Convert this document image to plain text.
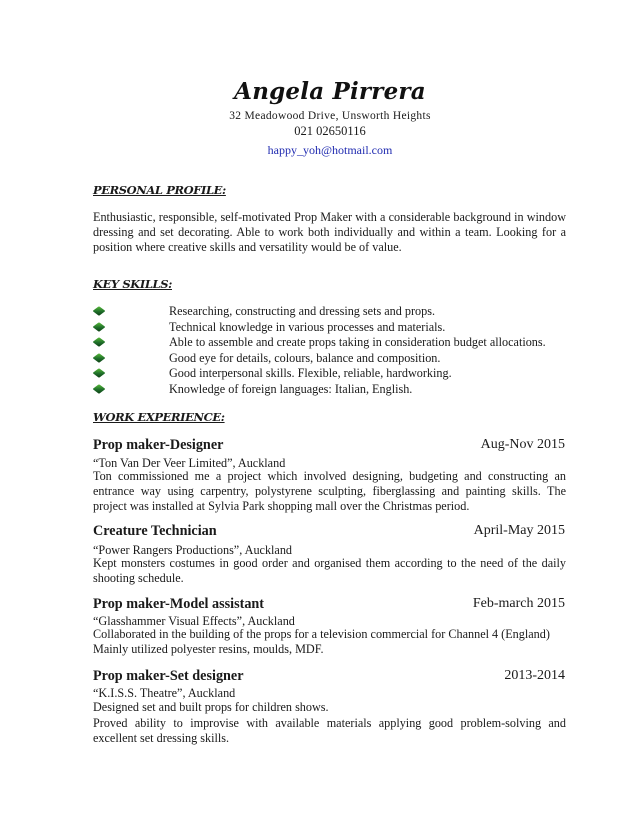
Angela Pirrera
32 Meadowood Drive, Unsworth Heights
021 02650116
happy_yoh@hotmail.com
PERSONAL PROFILE:
Enthusiastic, responsible, self-motivated Prop Maker with a considerable background in window dressing and set decorating. Able to work both individually and within a team. Looking for a position where creative skills and versatility would be of value.
KEY SKILLS:
Researching, constructing and dressing sets and props.
Technical knowledge in various processes and materials.
Able to assemble and create props taking in consideration budget allocations.
Good eye for details, colours, balance and composition.
Good interpersonal skills. Flexible, reliable, hardworking.
Knowledge of foreign languages: Italian, English.
WORK EXPERIENCE:
Prop maker-Designer	Aug-Nov 2015
“Ton Van Der Veer Limited”, Auckland
Ton commissioned me a project which involved designing, budgeting and constructing an entrance way using carpentry, polystyrene sculpting, fiberglassing and painting skills. The project was installed at Sylvia Park shopping mall over the Christmas period.
Creature Technician	April-May 2015
“Power Rangers Productions”, Auckland
Kept monsters costumes in good order and organised them according to the need of the daily shooting schedule.
Prop maker-Model assistant	Feb-march 2015
“Glasshammer Visual Effects”, Auckland
Collaborated in the building of the props for a television commercial for Channel 4 (England)
Mainly utilized polyester resins, moulds, MDF.
Prop maker-Set designer	2013-2014
“K.I.S.S. Theatre”, Auckland
Designed set and built props for children shows.
Proved ability to improvise with available materials applying good problem-solving and excellent set dressing skills.
